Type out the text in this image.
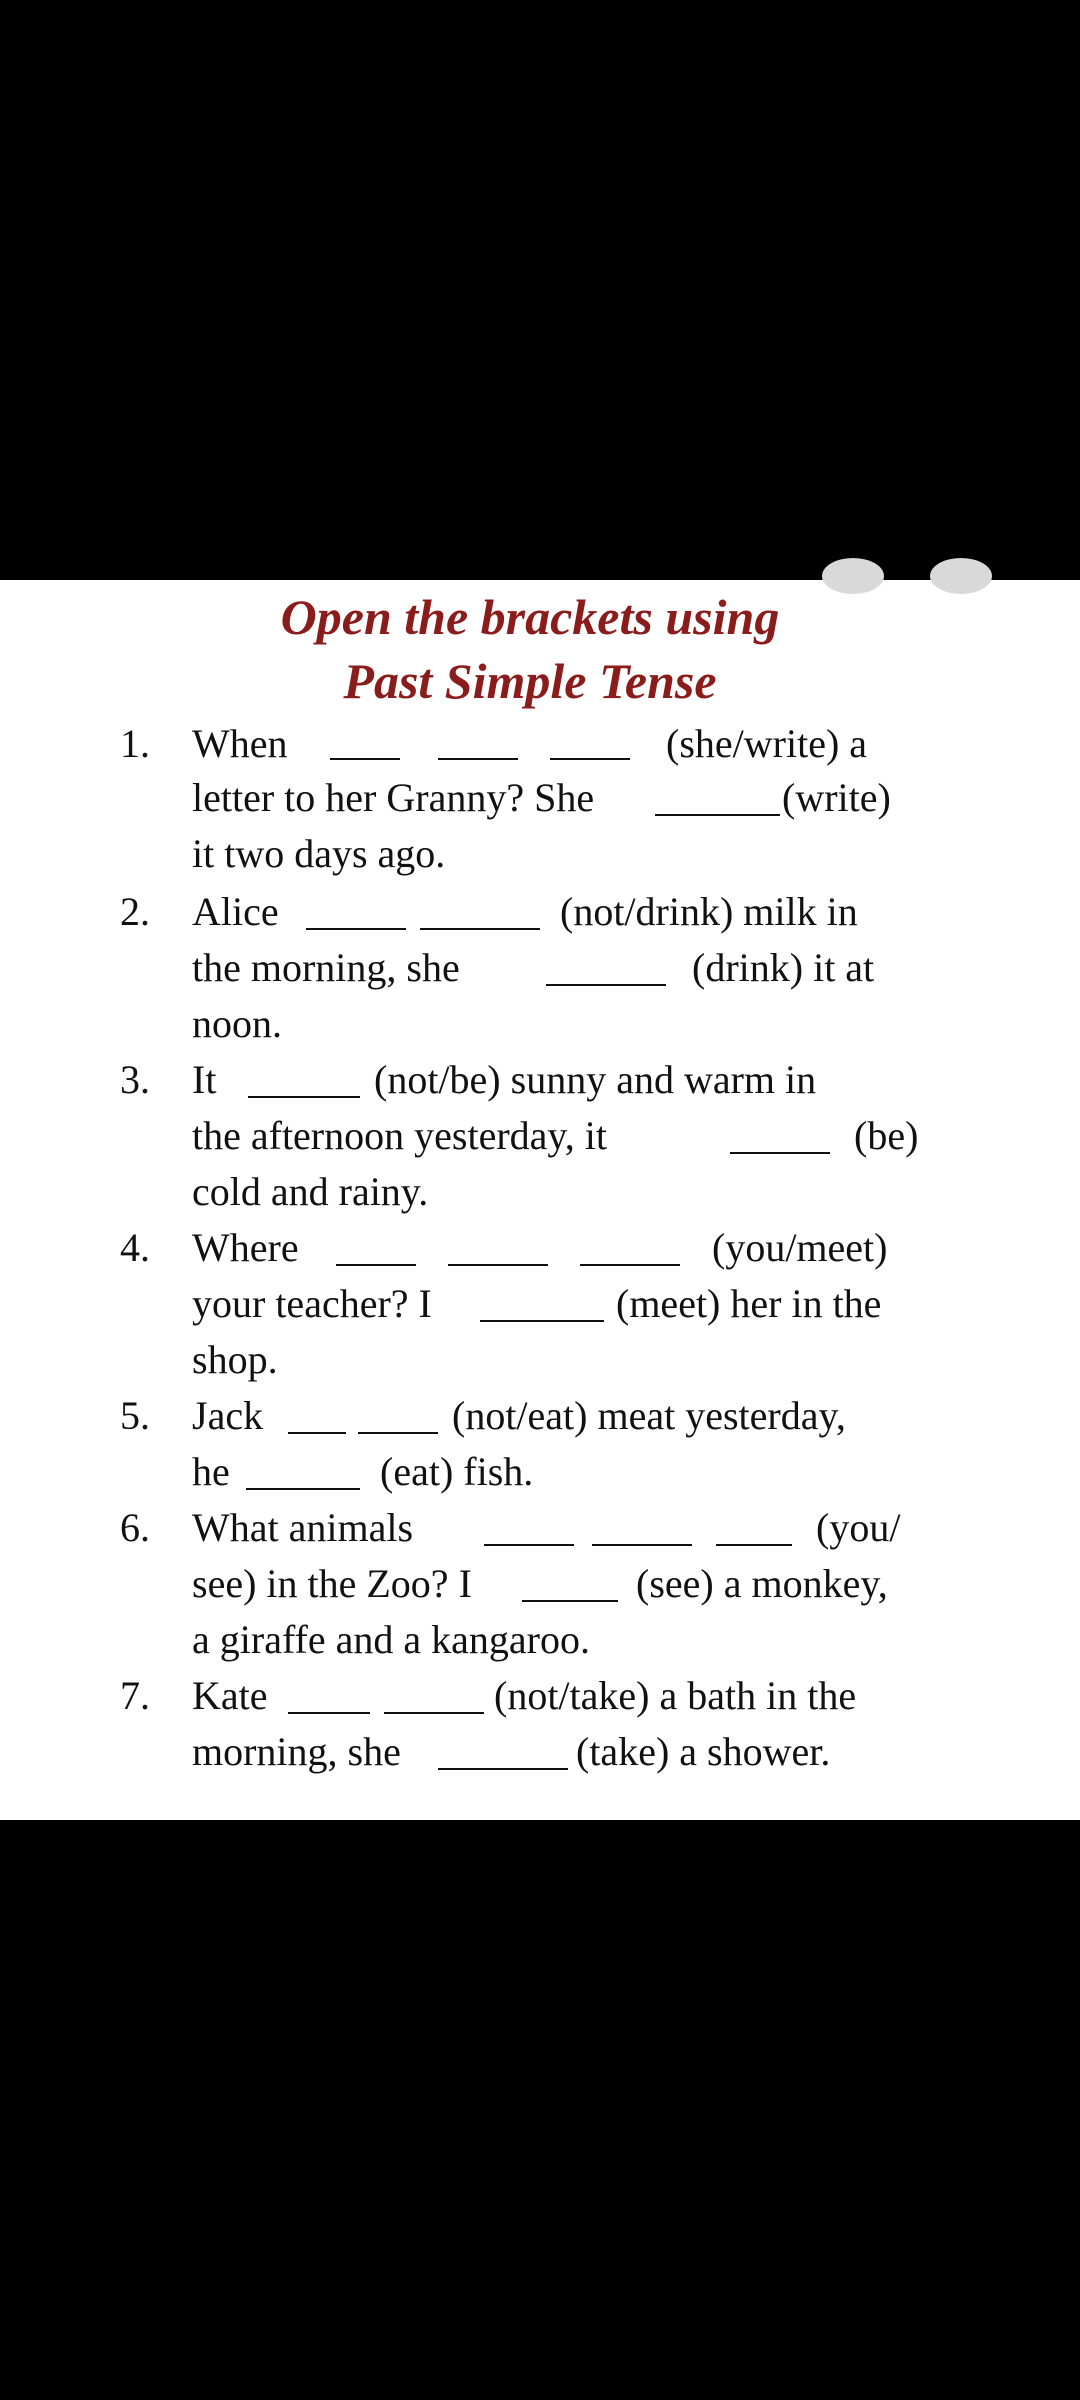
Open the brackets using
Past Simple Tense
1. When	(she/write) a
letter to her Granny? She	(write)
it two days ago.
2. Alice	(not/drink) milk in
the morning, she	(drink) it at
noon.
3. It	(not/be) sunny and warm in
the afternoon yesterday, it	(be)
cold and rainy.
4. Where	(you/meet)
your teacher? I	(meet) her in the
shop.
5. Jack	(not/eat) meat yesterday,
he	(eat) fish.
6. What animals	(you/
see) in the Zoo? I	(see) a monkey,
a giraffe and a kangaroo.
7. Kate	(not/take) a bath in the
morning, she	(take) a shower.
